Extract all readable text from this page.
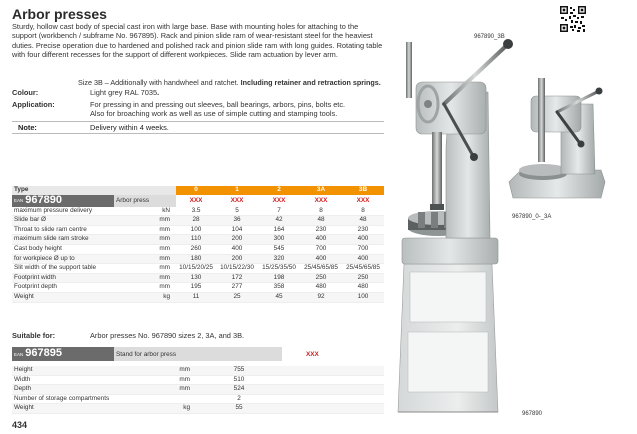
Arbor presses
Sturdy, hollow cast body of special cast iron with large base. Base with mounting holes for attaching to the support (workbench / subframe No. 967895). Rack and pinion slide ram of wear-resistant steel for the heaviest duties. Precise operation due to hardened and polished rack and pinion slide ram with long guides. Rotating table with four different recesses for the support of different workpieces. Slide ram actuation by lever arm.
Size 3B – Additionally with handwheel and ratchet. Including retainer and retraction springs.
Colour:	Light grey RAL 7035.
Application:	For pressing in and pressing out sleeves, ball bearings, arbors, pins, bolts etc.
Also for broaching work as well as use of simple cutting and stamping tools.
Note:	Delivery within 4 weeks.
Type		0	1	2	3A	3B
EAN 967890	Arbor press	XXX	XXX	XXX	XXX	XXX
maximum pressure delivery	kN	3.5	5	7	8	8
Slide bar Ø	mm	28	36	42	48	48
Throat to slide ram centre	mm	100	104	164	230	230
maximum slide ram stroke	mm	110	200	300	400	400
Cast body height	mm	260	400	545	700	700
for workpiece Ø up to	mm	180	200	320	400	400
Slit width of the support table	mm	10/15/20/25	10/15/22/30	15/25/35/50	25/45/65/85	25/45/65/85
Footprint width	mm	130	172	198	250	250
Footprint depth	mm	195	277	358	480	480
Weight	kg	11	25	45	92	100
Suitable for:	Arbor presses No. 967890 sizes 2, 3A, and 3B.
EAN 967895	Stand for arbor press		XXX

Height	mm	755	
Width	mm	510	
Depth	mm	524	
Number of storage compartments		2	
Weight	kg	55	
434
967890_3B
967890_0-_3A
967890
